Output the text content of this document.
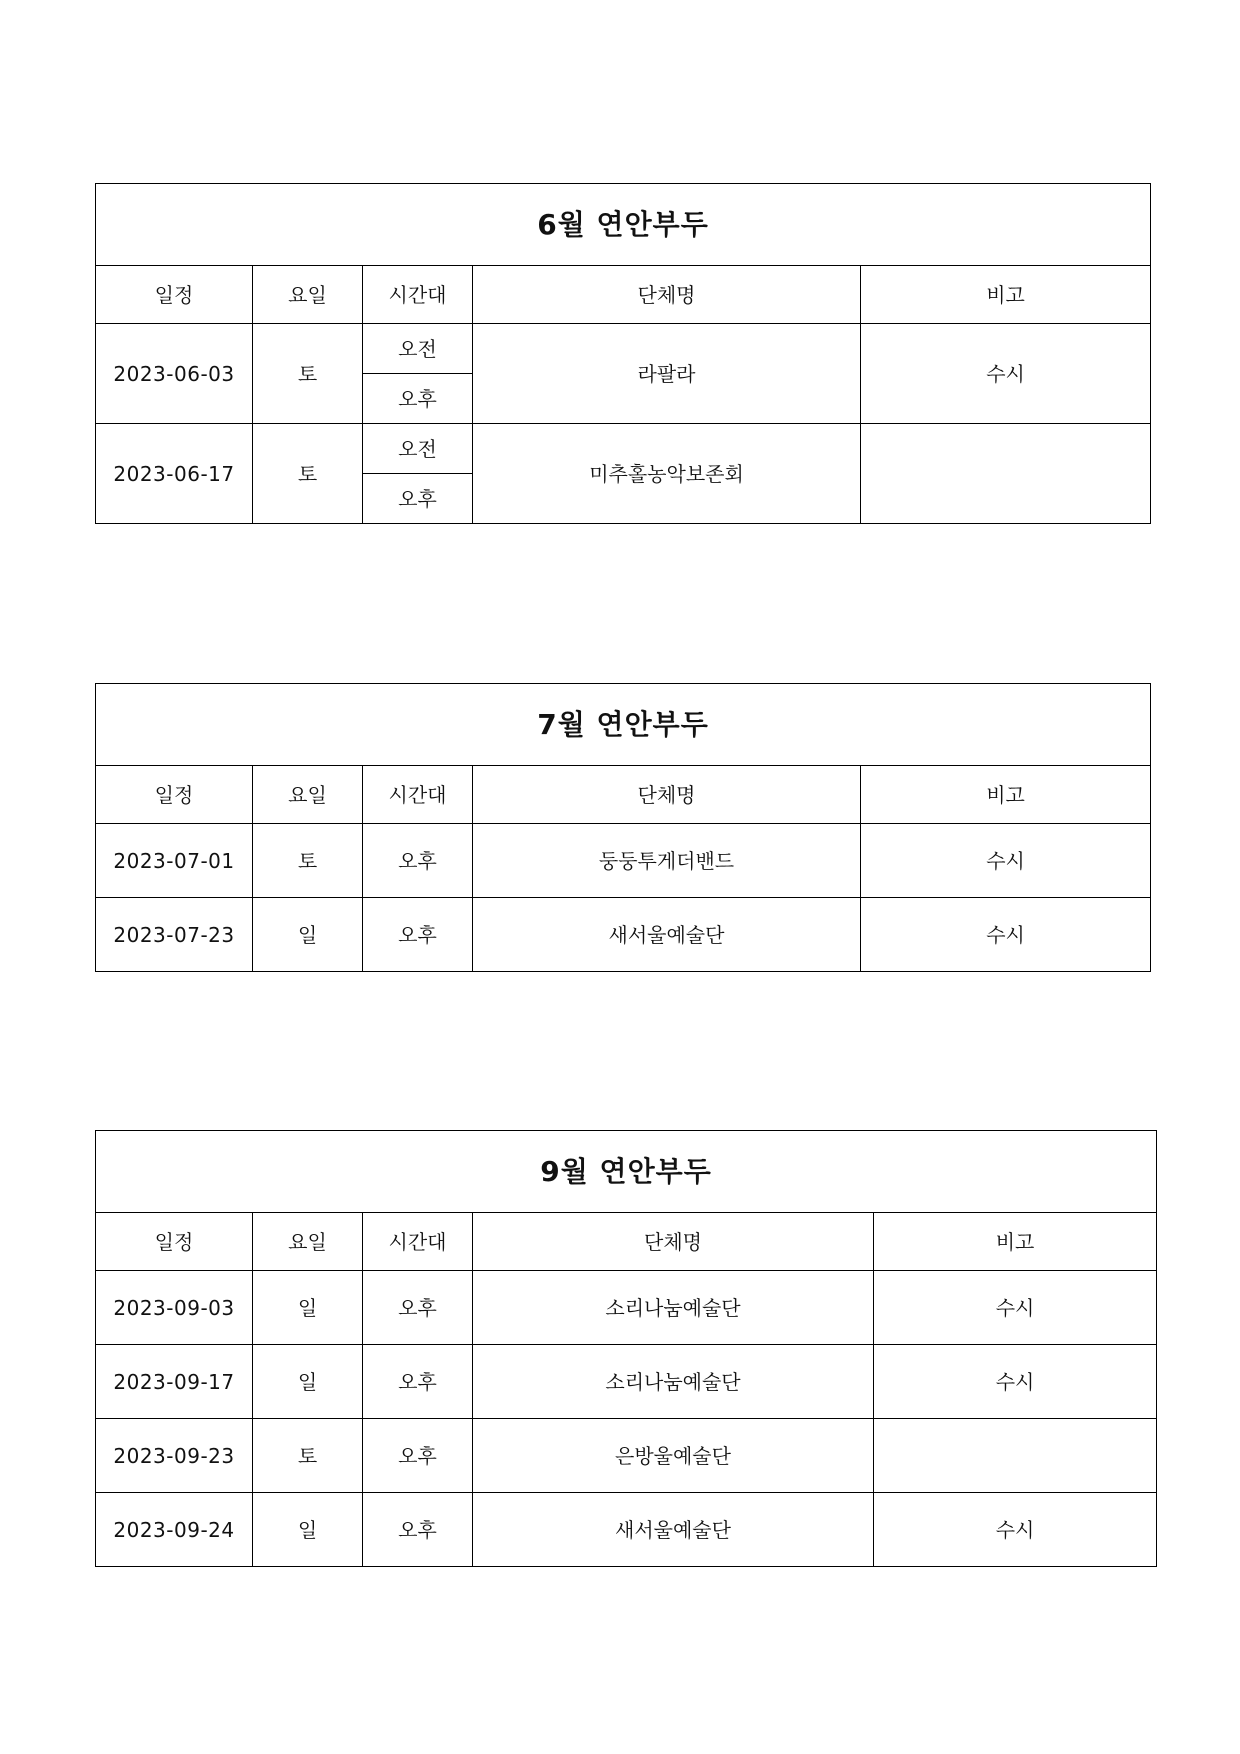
6월 연안부두				
일정	요일	시간대	단체명	비고
2023-06-03	토	오전	라팔라	수시
		오후		
2023-06-17	토	오전	미추홀농악보존회	
		오후		
7월 연안부두				
일정	요일	시간대	단체명	비고
2023-07-01	토	오후	둥둥투게더밴드	수시
2023-07-23	일	오후	새서울예술단	수시
9월 연안부두				
일정	요일	시간대	단체명	비고
2023-09-03	일	오후	소리나눔예술단	수시
2023-09-17	일	오후	소리나눔예술단	수시
2023-09-23	토	오후	은방울예술단	
2023-09-24	일	오후	새서울예술단	수시
